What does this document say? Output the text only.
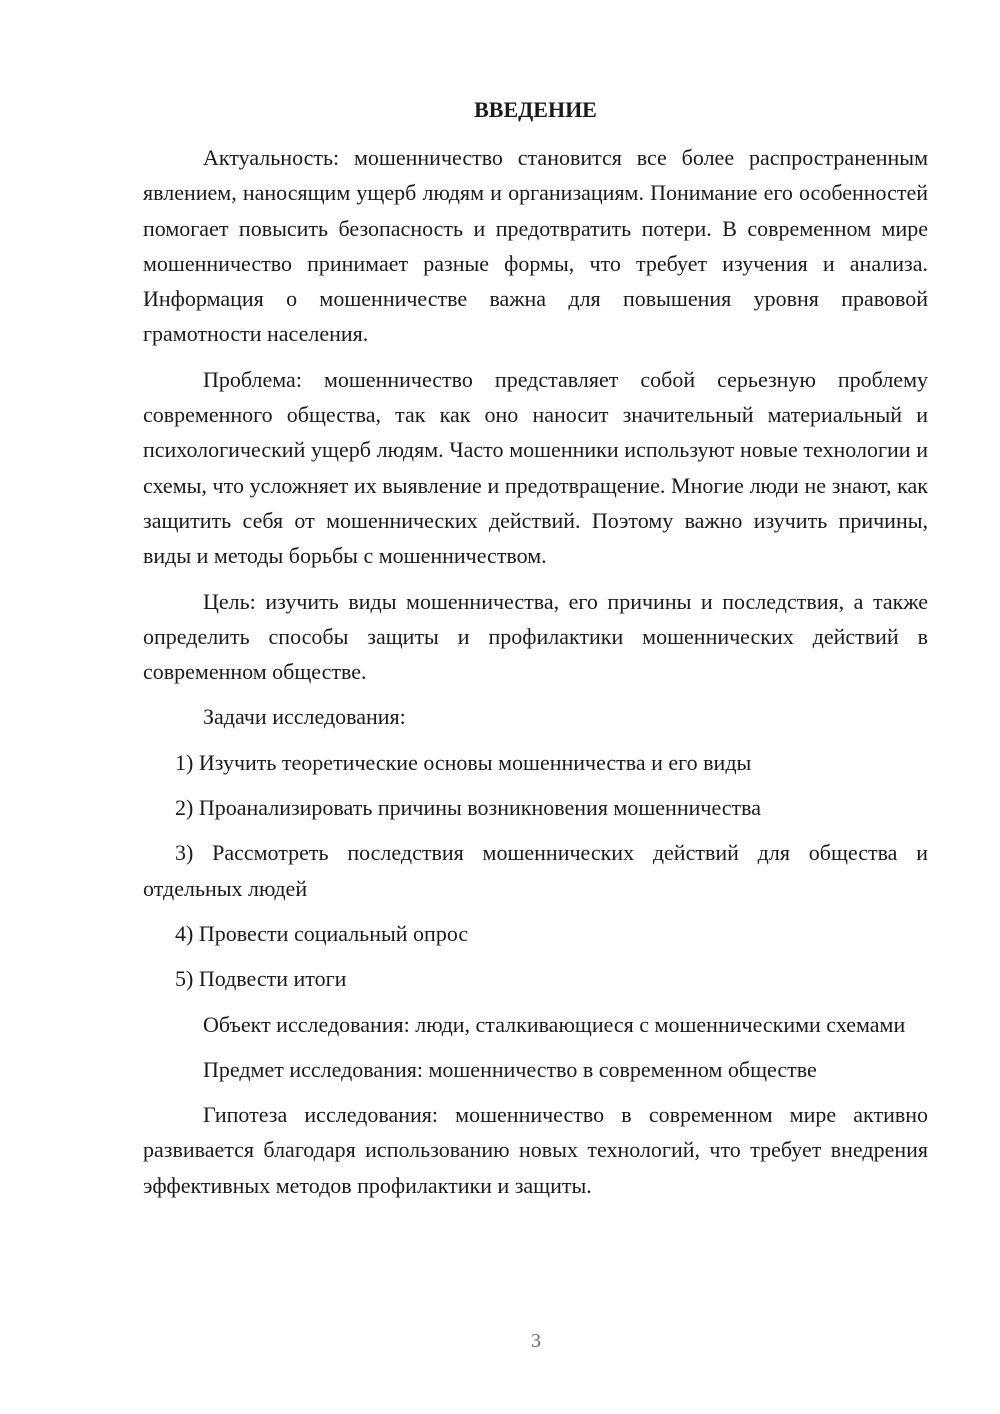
ВВЕДЕНИЕ

Актуальность: мошенничество становится все более распространенным явлением, наносящим ущерб людям и организациям. Понимание его особенностей помогает повысить безопасность и предотвратить потери. В современном мире мошенничество принимает разные формы, что требует изучения и анализа. Информация о мошенничестве важна для повышения уровня правовой грамотности населения.

Проблема: мошенничество представляет собой серьезную проблему современного общества, так как оно наносит значительный материальный и психологический ущерб людям. Часто мошенники используют новые технологии и схемы, что усложняет их выявление и предотвращение. Многие люди не знают, как защитить себя от мошеннических действий. Поэтому важно изучить причины, виды и методы борьбы с мошенничеством.

Цель: изучить виды мошенничества, его причины и последствия, а также определить способы защиты и профилактики мошеннических действий в современном обществе.

Задачи исследования:

1) Изучить теоретические основы мошенничества и его виды

2) Проанализировать причины возникновения мошенничества

3) Рассмотреть последствия мошеннических действий для общества и отдельных людей

4) Провести социальный опрос

5) Подвести итоги

Объект исследования: люди, сталкивающиеся с мошенническими схемами

Предмет исследования: мошенничество в современном обществе

Гипотеза исследования: мошенничество в современном мире активно развивается благодаря использованию новых технологий, что требует внедрения эффективных методов профилактики и защиты.

3
